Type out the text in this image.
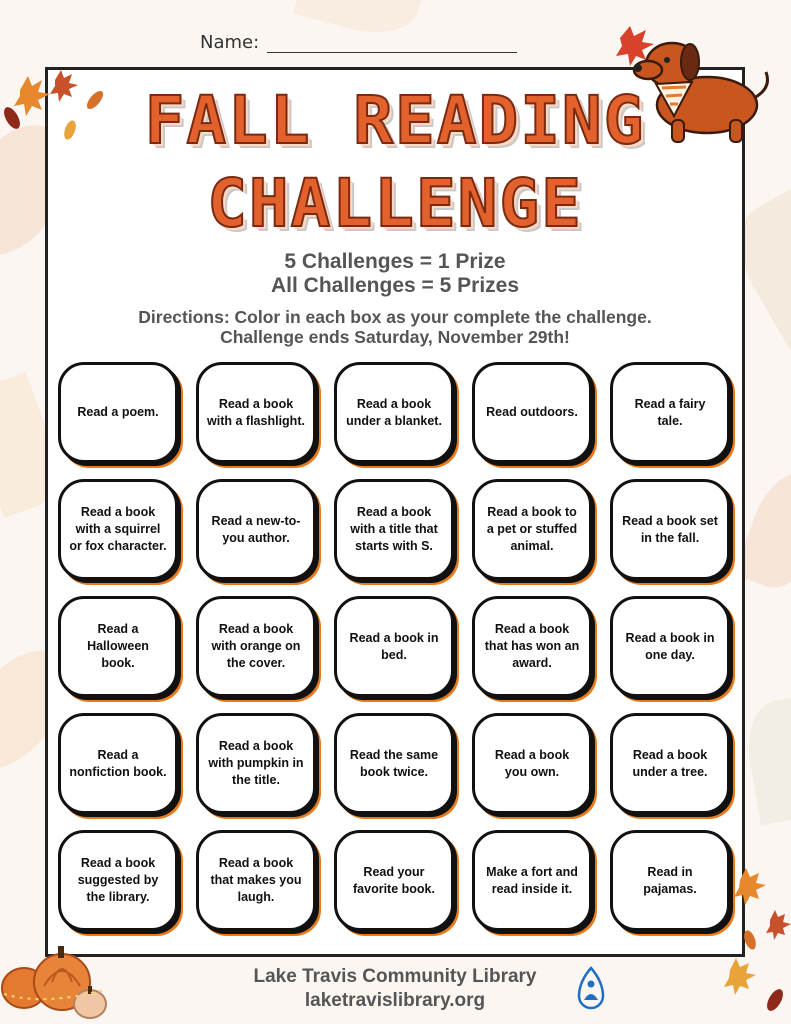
Name:
FALL READING
CHALLENGE
5 Challenges = 1 Prize
All Challenges = 5 Prizes
Directions: Color in each box as your complete the challenge.
Challenge ends Saturday, November 29th!
Read a poem.
Read a book with a flashlight.
Read a book under a blanket.
Read outdoors.
Read a fairy tale.
Read a book with a squirrel or fox character.
Read a new-to-you author.
Read a book with a title that starts with S.
Read a book to a pet or stuffed animal.
Read a book set in the fall.
Read a Halloween book.
Read a book with orange on the cover.
Read a book in bed.
Read a book that has won an award.
Read a book in one day.
Read a nonfiction book.
Read a book with pumpkin in the title.
Read the same book twice.
Read a book you own.
Read a book under a tree.
Read a book suggested by the library.
Read a book that makes you laugh.
Read your favorite book.
Make a fort and read inside it.
Read in pajamas.
Lake Travis Community Library
laketravislibrary.org
